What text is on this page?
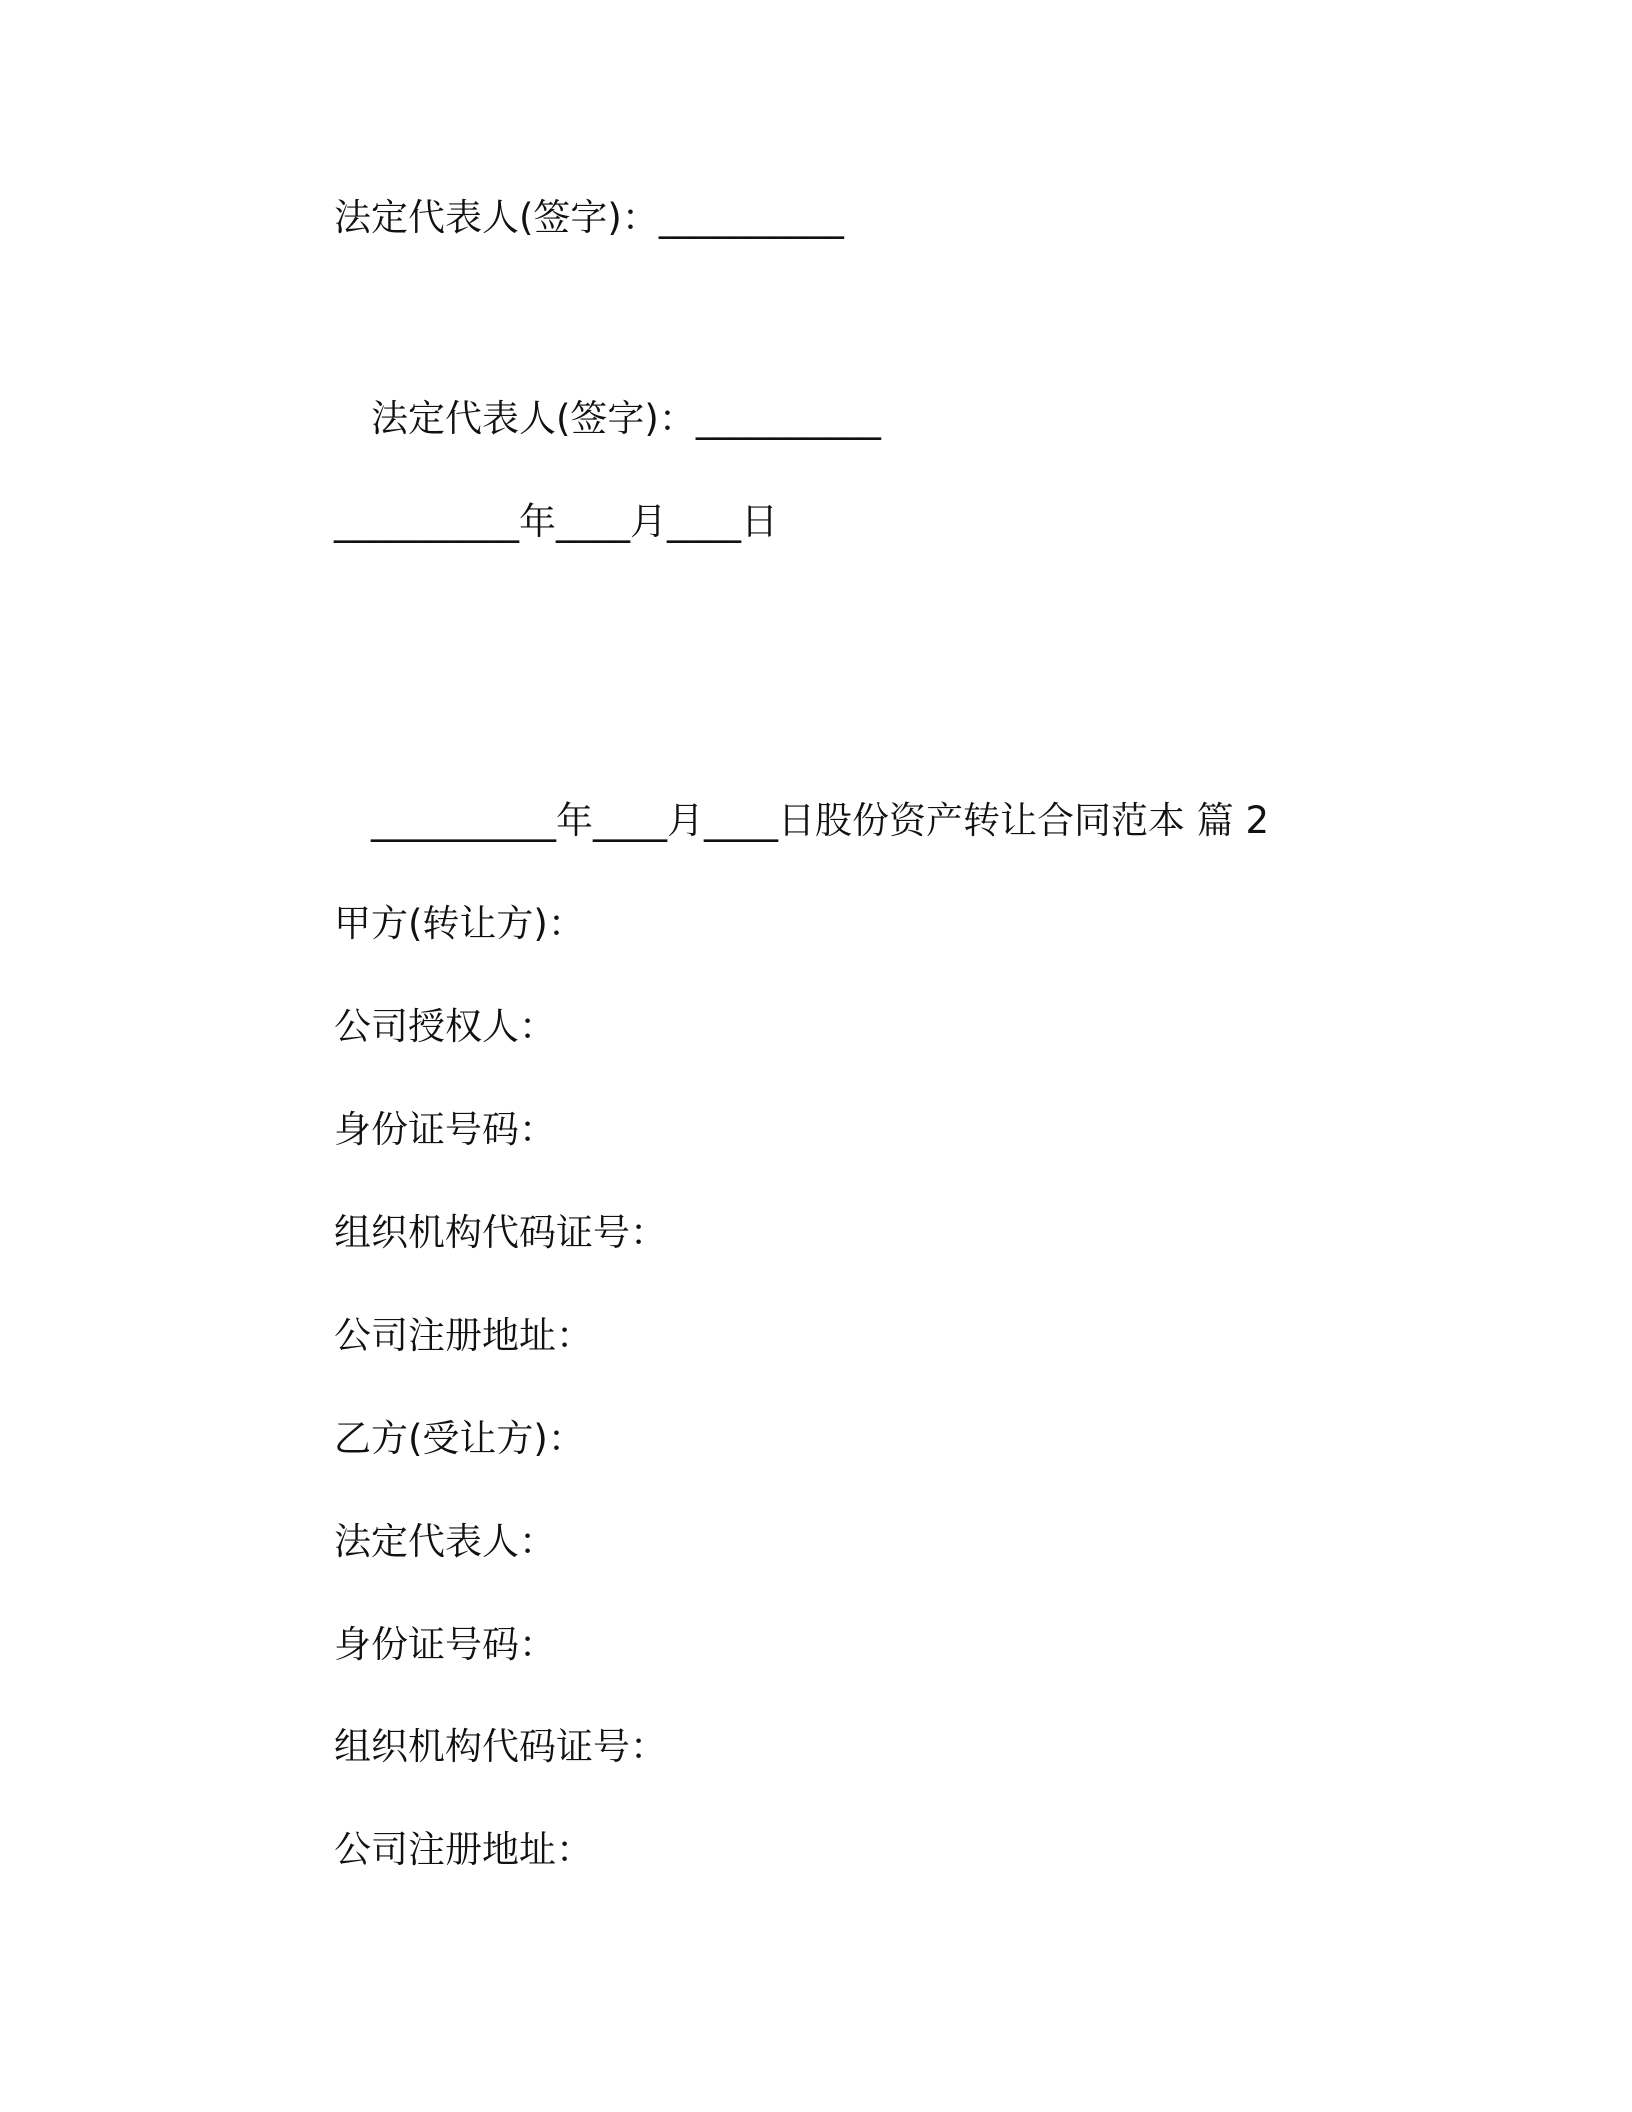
法定代表人(签字)：__________
法定代表人(签字)：__________
__________年____月____日
__________年____月____日股份资产转让合同范本 篇 2
甲方(转让方)：
公司授权人：
身份证号码：
组织机构代码证号：
公司注册地址：
乙方(受让方)：
法定代表人：
身份证号码：
组织机构代码证号：
公司注册地址：
